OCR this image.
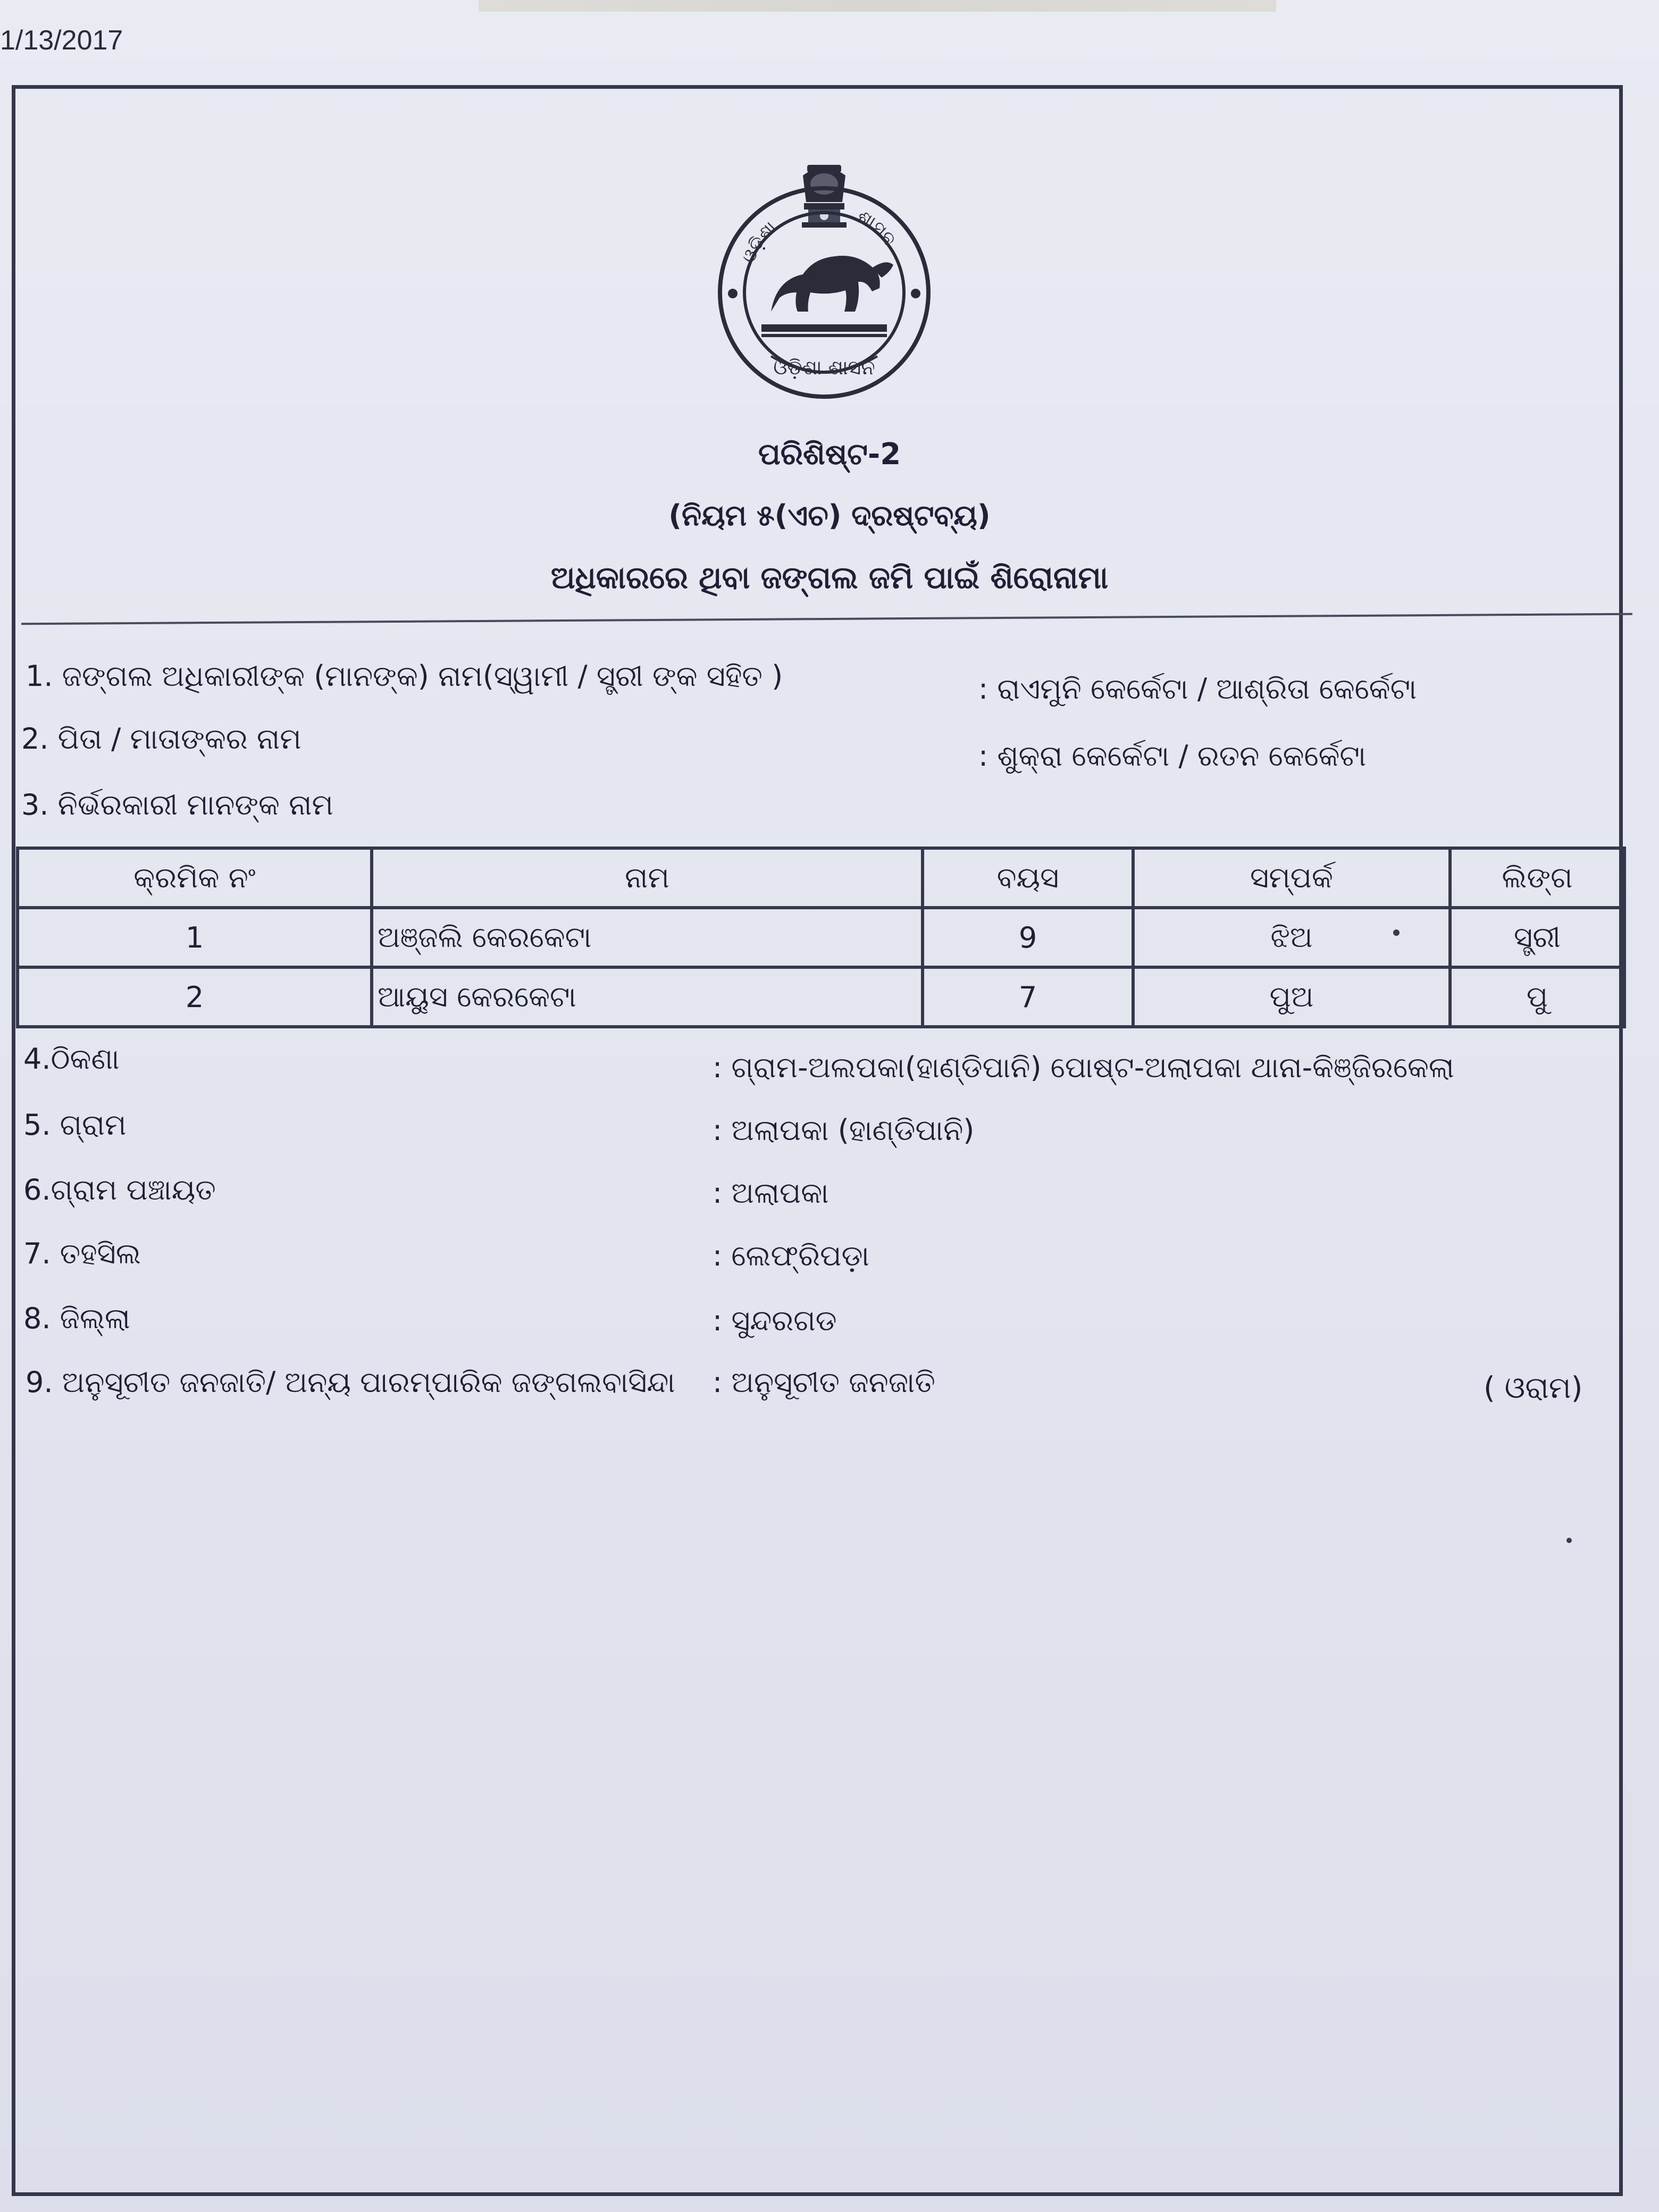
1/13/2017
ଓଡ଼ିଶା	ଶାସନ
ଓଡ଼ିଶା ଶାସନ
ପରିଶିଷ୍ଟ-2
(ନିୟମ ୫(ଏଚ) ଦ୍ରଷ୍ଟବ୍ୟ)
ଅଧିକାରରେ ଥିବା ଜଙ୍ଗଲ ଜମି ପାଇଁ ଶିରୋନାମା
1. ଜଙ୍ଗଲ ଅଧିକାରୀଙ୍କ (ମାନଙ୍କ) ନାମ(ସ୍ୱାମୀ / ସ୍ତ୍ରୀ ଙ୍କ ସହିତ )	: ରାଏମୁନି କେର୍କେଟା / ଆଶ୍ରିତା କେର୍କେଟା
2. ପିତା / ମାତାଙ୍କର ନାମ
: ଶୁକ୍ରା କେର୍କେଟା / ରତନ କେର୍କେଟା
3. ନିର୍ଭରକାରୀ ମାନଙ୍କ ନାମ
କ୍ରମିକ ନଂ	ନାମ	ବୟସ	ସମ୍ପର୍କ	ଲିଙ୍ଗ
1	ଅଞ୍ଜଲି କେରକେଟା	9	ଝିଅ	ସ୍ତ୍ରୀ
2	ଆୟୁସ କେରକେଟା	7	ପୁଅ	ପୁ
4.ଠିକଣା	: ଗ୍ରାମ-ଅଲପକା(ହାଣ୍ଡିପାନି) ପୋଷ୍ଟ-ଅଲାପକା ଥାନା-କିଞ୍ଜିରକେଲା
5. ଗ୍ରାମ	: ଅଲାପକା (ହାଣ୍ଡିପାନି)
6.ଗ୍ରାମ ପଞ୍ଚାୟତ	: ଅଲାପକା
7. ତହସିଲ	: ଲେଫ୍ରିପଡ଼ା
8. ଜିଲ୍ଲା	: ସୁନ୍ଦରଗଡ
9. ଅନୁସୂଚୀତ ଜନଜାତି/ ଅନ୍ୟ ପାରମ୍ପାରିକ ଜଙ୍ଗଲବାସିନ୍ଦା : ଅନୁସୂଚୀତ ଜନଜାତି	( ଓରାମ)
